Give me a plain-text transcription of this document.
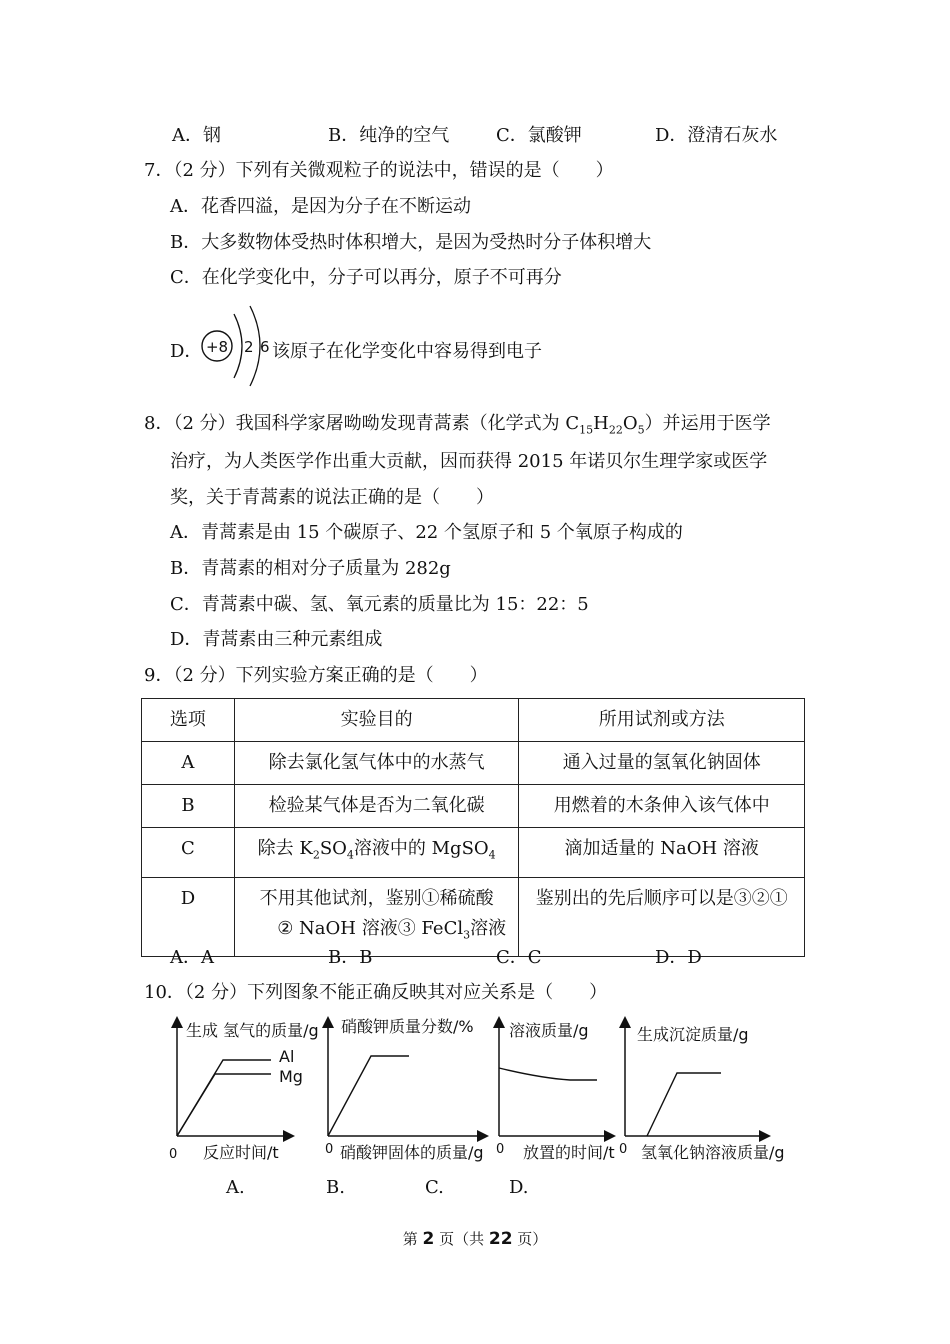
A．钢	B．纯净的空气	C．氯酸钾	D．澄清石灰水
7．（2 分）下列有关微观粒子的说法中，错误的是（　　）
A．花香四溢，是因为分子在不断运动
B．大多数物体受热时体积增大，是因为受热时分子体积增大
C．在化学变化中，分子可以再分，原子不可再分
D． +8 2 6 该原子在化学变化中容易得到电子
8．（2 分）我国科学家屠呦呦发现青蒿素（化学式为 $C_{15}H_{22}O_5$）并运用于医学
治疗，为人类医学作出重大贡献，因而获得 2015 年诺贝尔生理学家或医学
奖，关于青蒿素的说法正确的是（　　）
A．青蒿素是由 15 个碳原子、22 个氢原子和 5 个氧原子构成的
B．青蒿素的相对分子质量为 282g
C．青蒿素中碳、氢、氧元素的质量比为 15：22：5
D．青蒿素由三种元素组成
9．（2 分）下列实验方案正确的是（　　）
选项	实验目的	所用试剂或方法
A	除去氯化氢气体中的水蒸气	通入过量的氢氧化钠固体
B	检验某气体是否为二氧化碳	用燃着的木条伸入该气体中
C	除去 $K_2SO_4$溶液中的 MgSO$_4$	滴加适量的 NaOH 溶液
D	不用其他试剂，鉴别①稀硫酸
② NaOH 溶液③ FeCl$_3$溶液	鉴别出的先后顺序可以是③②①
A．A	B．B	C．C	D．D
10．（2 分）下列图象不能正确反映其对应关系是（　　）
生成 氢气的质量/g
反应时间/t
0
Al
Mg
硝酸钾质量分数/%
硝酸钾固体的质量/g
0
溶液质量/g
放置的时间/t
0
生成沉淀质量/g
氢氧化钠溶液质量/g
0
A.	B.	C.	D.
第 2 页（共 22 页）
